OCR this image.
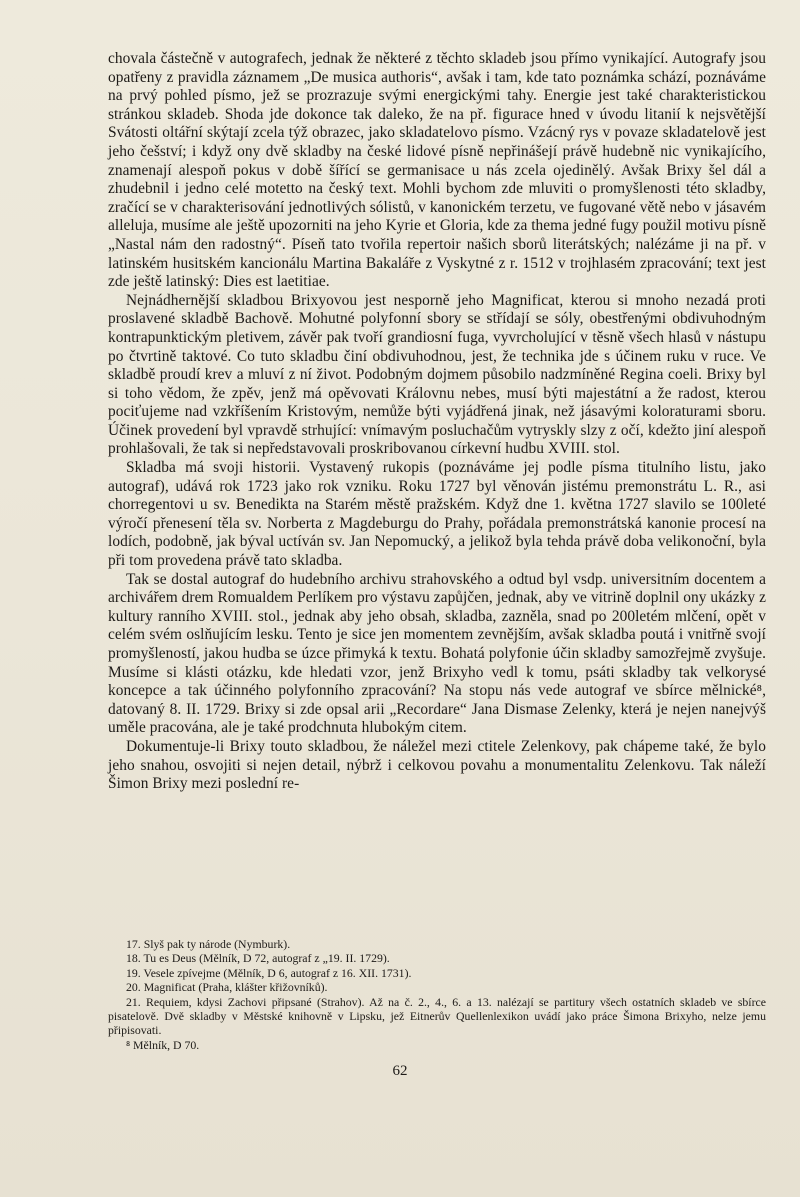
chovala částečně v autografech, jednak že některé z těchto skladeb jsou přímo vynikající. Autografy jsou opatřeny z pravidla záznamem „De musica authoris“, avšak i tam, kde tato poznámka schází, poznáváme na prvý pohled písmo, jež se prozrazuje svými energickými tahy. Energie jest také charakteristickou stránkou skladeb. Shoda jde dokonce tak daleko, že na př. figurace hned v úvodu litanií k nejsvětější Svátosti oltářní skýtají zcela týž obrazec, jako skladatelovo písmo. Vzácný rys v povaze skladatelově jest jeho češství; i když ony dvě skladby na české lidové písně nepřinášejí právě hudebně nic vynikajícího, znamenají alespoň pokus v době šířící se germanisace u nás zcela ojedinělý. Avšak Brixy šel dál a zhudebnil i jedno celé motetto na český text. Mohli bychom zde mluviti o promyšlenosti této skladby, zračící se v charakterisování jednotlivých sólistů, v kanonickém terzetu, ve fugované větě nebo v jásavém alleluja, musíme ale ještě upozorniti na jeho Kyrie et Gloria, kde za thema jedné fugy použil motivu písně „Nastal nám den radostný“. Píseň tato tvořila repertoir našich sborů literátských; nalézáme ji na př. v latinském husitském kancionálu Martina Bakaláře z Vyskytné z r. 1512 v trojhlasém zpracování; text jest zde ještě latinský: Dies est laetitiae.

Nejnádhernější skladbou Brixyovou jest nesporně jeho Magnificat, kterou si mnoho nezadá proti proslavené skladbě Bachově. Mohutné polyfonní sbory se střídají se sóly, obestřenými obdivuhodným kontrapunktickým pletivem, závěr pak tvoří grandiosní fuga, vyvrcholující v těsně všech hlasů v nástupu po čtvrtině taktové. Co tuto skladbu činí obdivuhodnou, jest, že technika jde s účinem ruku v ruce. Ve skladbě proudí krev a mluví z ní život. Podobným dojmem působilo nadzmíněné Regina coeli. Brixy byl si toho vědom, že zpěv, jenž má opěvovati Královnu nebes, musí býti majestátní a že radost, kterou pociťujeme nad vzkříšením Kristovým, nemůže býti vyjádřená jinak, než jásavými koloraturami sboru. Účinek provedení byl vpravdě strhující: vnímavým posluchačům vytryskly slzy z očí, kdežto jiní alespoň prohlašovali, že tak si nepředstavovali proskribovanou církevní hudbu XVIII. stol.

Skladba má svoji historii. Vystavený rukopis (poznáváme jej podle písma titulního listu, jako autograf), udává rok 1723 jako rok vzniku. Roku 1727 byl věnován jistému premonstrátu L. R., asi chorregentovi u sv. Benedikta na Starém městě pražském. Když dne 1. května 1727 slavilo se 100leté výročí přenesení těla sv. Norberta z Magdeburgu do Prahy, pořádala premonstrátská kanonie procesí na lodích, podobně, jak býval uctíván sv. Jan Nepomucký, a jelikož byla tehda právě doba velikonoční, byla při tom provedena právě tato skladba.

Tak se dostal autograf do hudebního archivu strahovského a odtud byl vsdp. universitním docentem a archivářem drem Romualdem Perlíkem pro výstavu zapůjčen, jednak, aby ve vitrině doplnil ony ukázky z kultury ranního XVIII. stol., jednak aby jeho obsah, skladba, zazněla, snad po 200letém mlčení, opět v celém svém oslňujícím lesku. Tento je sice jen momentem zevnějším, avšak skladba poutá i vnitřně svojí promyšleností, jakou hudba se úzce přimyká k textu. Bohatá polyfonie účin skladby samozřejmě zvyšuje. Musíme si klásti otázku, kde hledati vzor, jenž Brixyho vedl k tomu, psáti skladby tak velkorysé koncepce a tak účinného polyfonního zpracování? Na stopu nás vede autograf ve sbírce mělnické⁸, datovaný 8. II. 1729. Brixy si zde opsal arii „Recordare“ Jana Dismase Zelenky, která je nejen nanejvýš uměle pracována, ale je také prodchnuta hlubokým citem.

Dokumentuje-li Brixy touto skladbou, že náležel mezi ctitele Zelenkovy, pak chápeme také, že bylo jeho snahou, osvojiti si nejen detail, nýbrž i celkovou povahu a monumentalitu Zelenkovu. Tak náleží Šimon Brixy mezi poslední re-

17. Slyš pak ty národe (Nymburk).

18. Tu es Deus (Mělník, D 72, autograf z „19. II. 1729).

19. Vesele zpívejme (Mělník, D 6, autograf z 16. XII. 1731).

20. Magnificat (Praha, klášter křižovníků).

21. Requiem, kdysi Zachovi připsané (Strahov). Až na č. 2., 4., 6. a 13. nalézají se partitury všech ostatních skladeb ve sbírce pisatelově. Dvě skladby v Městské knihovně v Lipsku, jež Eitnerův Quellenlexikon uvádí jako práce Šimona Brixyho, nelze jemu připisovati.

⁸ Mělník, D 70.

62
